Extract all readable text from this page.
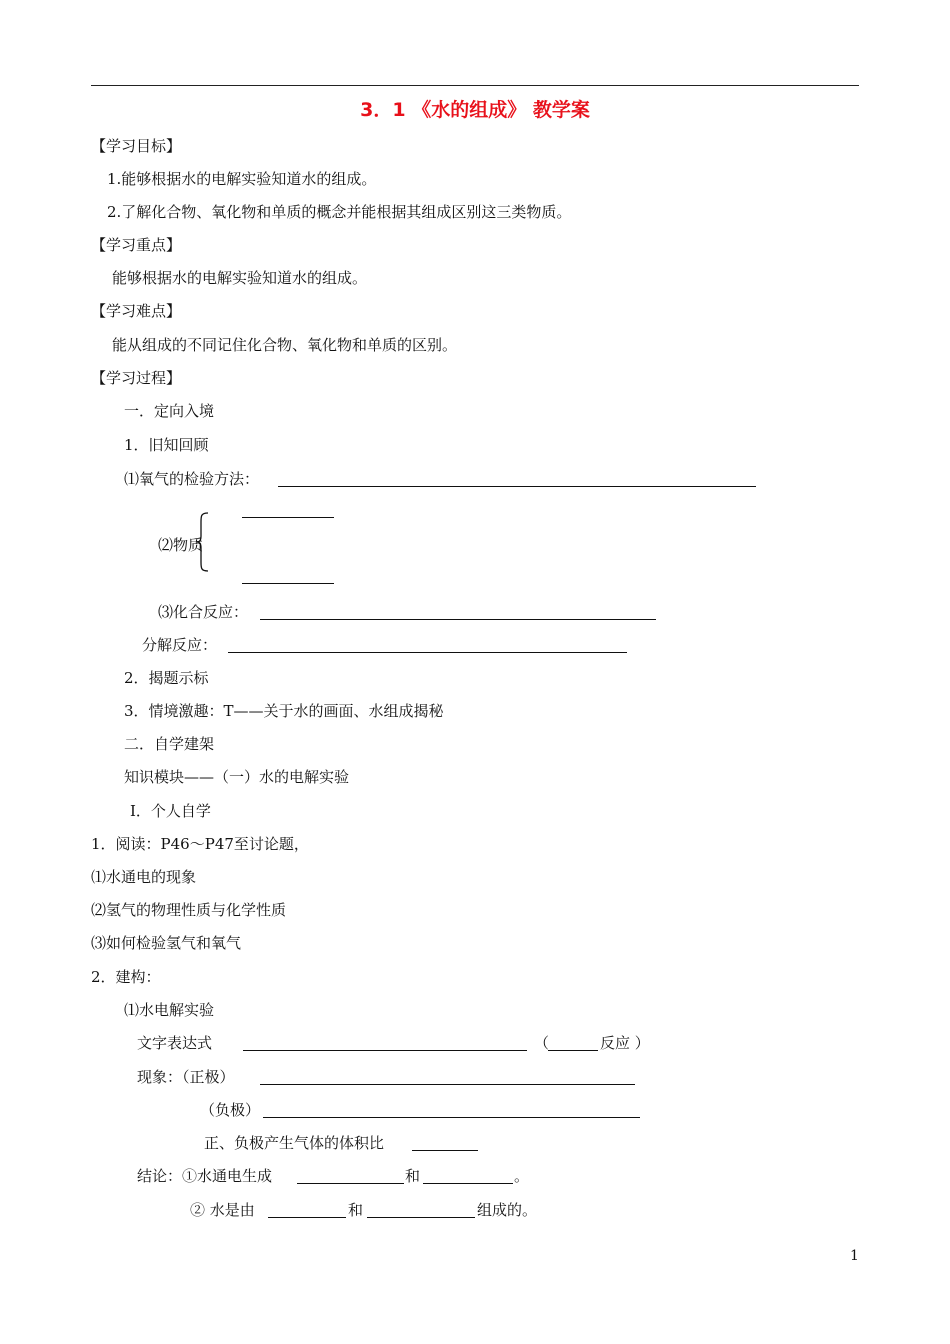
3．1 《水的组成》 教学案
【学习目标】
1.能够根据水的电解实验知道水的组成。
2.了解化合物、氧化物和单质的概念并能根据其组成区别这三类物质。
【学习重点】
能够根据水的电解实验知道水的组成。
【学习难点】
能从组成的不同记住化合物、氧化物和单质的区别。
【学习过程】
一．定向入境
1．旧知回顾
⑴氧气的检验方法：
⑵物质
⑶化合反应：
分解反应：
2．揭题示标
3．情境激趣：T——关于水的画面、水组成揭秘
二．自学建架
知识模块——（一）水的电解实验
Ⅰ．个人自学
1．阅读：P46～P47至讨论题，
⑴水通电的现象
⑵氢气的物理性质与化学性质
⑶如何检验氢气和氧气
2．建构：
⑴水电解实验
文字表达式	（	反应 ）
现象：（正极）
（负极）
正、负极产生气体的体积比
结论：①水通电生成	和	。
② 水是由	和	组成的。
1
